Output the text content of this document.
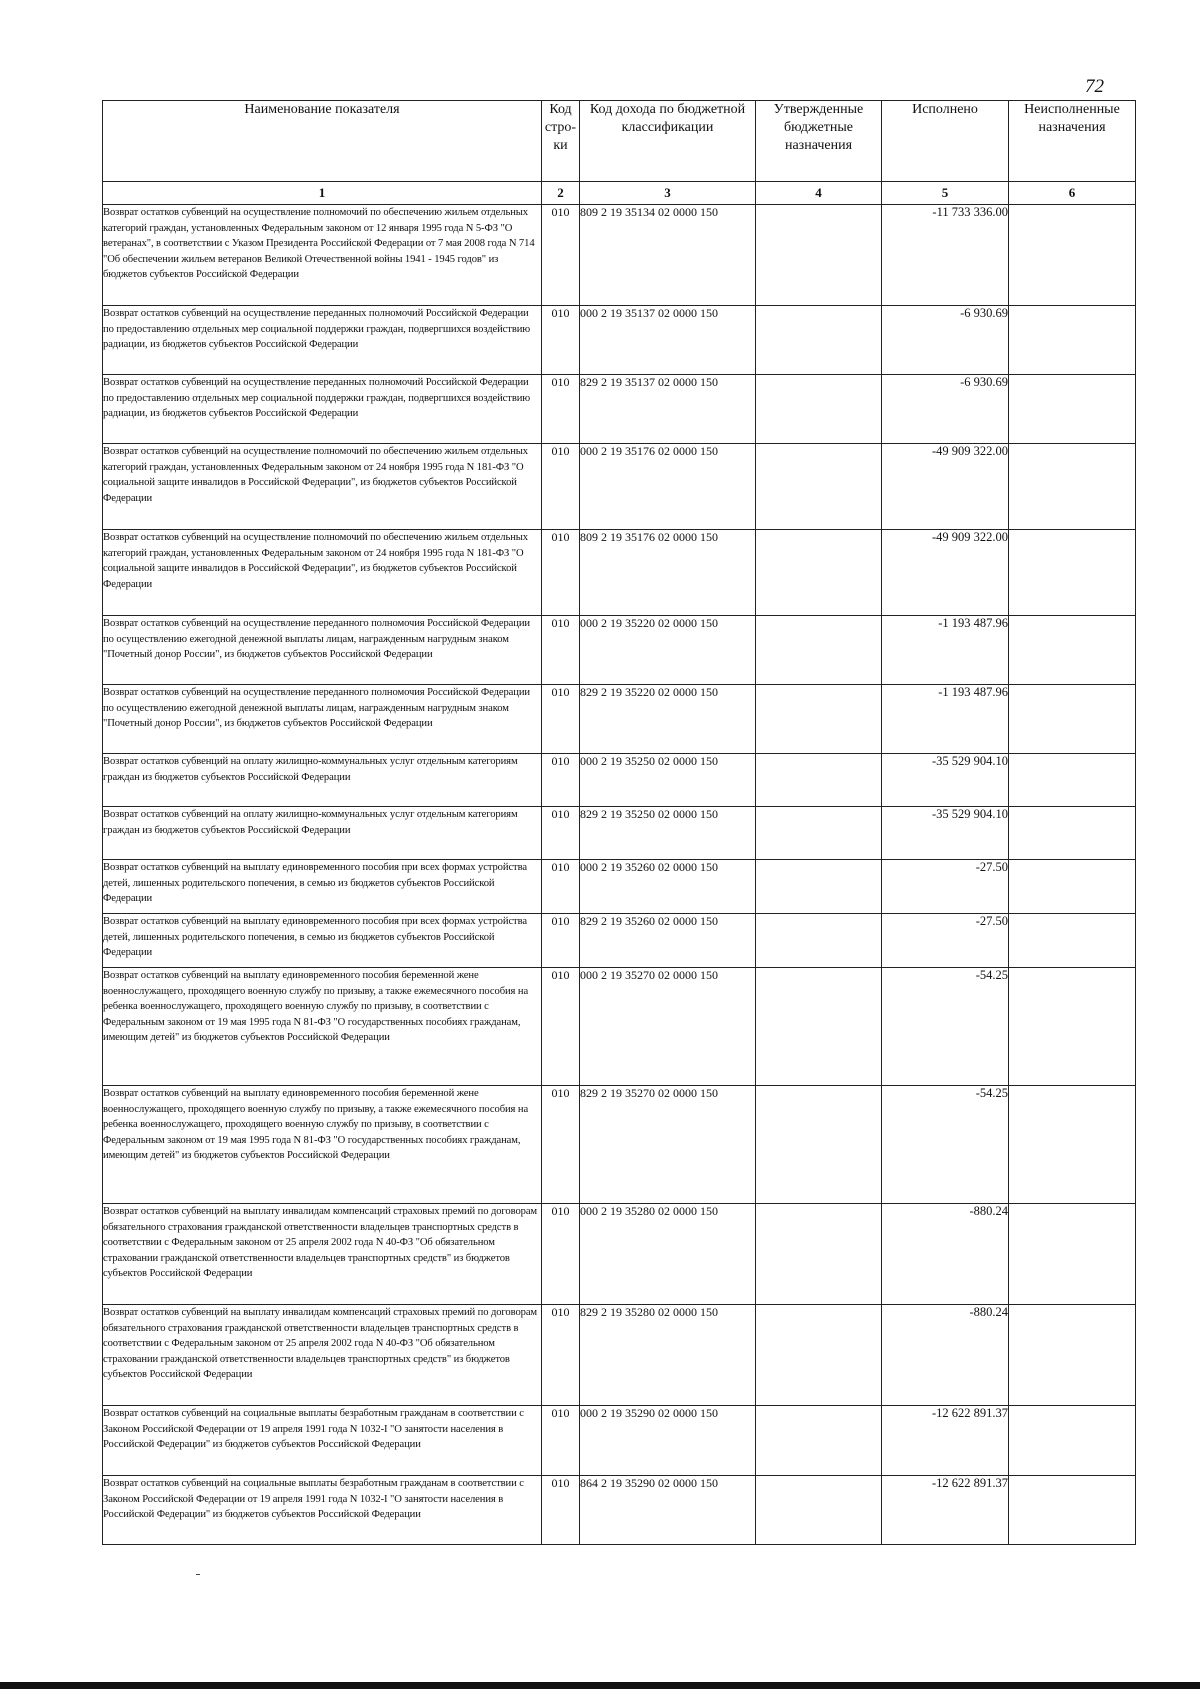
72
Наименование показателя	Код стро-ки	Код дохода по бюджетной классификации	Утвержденные бюджетные назначения	Исполнено	Неисполненные назначения
1	2	3	4	5	6
Возврат остатков субвенций на осуществление полномочий по обеспечению жильем отдельных категорий граждан, установленных Федеральным законом от 12 января 1995 года N 5-ФЗ "О ветеранах", в соответствии с Указом Президента Российской Федерации от 7 мая 2008 года N 714 "Об обеспечении жильем ветеранов Великой Отечественной войны 1941 - 1945 годов" из бюджетов субъектов Российской Федерации	010	809 2 19 35134 02 0000 150		-11 733 336.00	
Возврат остатков субвенций на осуществление переданных полномочий Российской Федерации по предоставлению отдельных мер социальной поддержки граждан, подвергшихся воздействию радиации, из бюджетов субъектов Российской Федерации	010	000 2 19 35137 02 0000 150		-6 930.69	
Возврат остатков субвенций на осуществление переданных полномочий Российской Федерации по предоставлению отдельных мер социальной поддержки граждан, подвергшихся воздействию радиации, из бюджетов субъектов Российской Федерации	010	829 2 19 35137 02 0000 150		-6 930.69	
Возврат остатков субвенций на осуществление полномочий по обеспечению жильем отдельных категорий граждан, установленных Федеральным законом от 24 ноября 1995 года N 181-ФЗ "О социальной защите инвалидов в Российской Федерации", из бюджетов субъектов Российской Федерации	010	000 2 19 35176 02 0000 150		-49 909 322.00	
Возврат остатков субвенций на осуществление полномочий по обеспечению жильем отдельных категорий граждан, установленных Федеральным законом от 24 ноября 1995 года N 181-ФЗ "О социальной защите инвалидов в Российской Федерации", из бюджетов субъектов Российской Федерации	010	809 2 19 35176 02 0000 150		-49 909 322.00	
Возврат остатков субвенций на осуществление переданного полномочия Российской Федерации по осуществлению ежегодной денежной выплаты лицам, награжденным нагрудным знаком "Почетный донор России", из бюджетов субъектов Российской Федерации	010	000 2 19 35220 02 0000 150		-1 193 487.96	
Возврат остатков субвенций на осуществление переданного полномочия Российской Федерации по осуществлению ежегодной денежной выплаты лицам, награжденным нагрудным знаком "Почетный донор России", из бюджетов субъектов Российской Федерации	010	829 2 19 35220 02 0000 150		-1 193 487.96	
Возврат остатков субвенций на оплату жилищно-коммунальных услуг отдельным категориям граждан из бюджетов субъектов Российской Федерации	010	000 2 19 35250 02 0000 150		-35 529 904.10	
Возврат остатков субвенций на оплату жилищно-коммунальных услуг отдельным категориям граждан из бюджетов субъектов Российской Федерации	010	829 2 19 35250 02 0000 150		-35 529 904.10	
Возврат остатков субвенций на выплату единовременного пособия при всех формах устройства детей, лишенных родительского попечения, в семью из бюджетов субъектов Российской Федерации	010	000 2 19 35260 02 0000 150		-27.50	
Возврат остатков субвенций на выплату единовременного пособия при всех формах устройства детей, лишенных родительского попечения, в семью из бюджетов субъектов Российской Федерации	010	829 2 19 35260 02 0000 150		-27.50	
Возврат остатков субвенций на выплату единовременного пособия беременной жене военнослужащего, проходящего военную службу по призыву, а также ежемесячного пособия на ребенка военнослужащего, проходящего военную службу по призыву, в соответствии с Федеральным законом от 19 мая 1995 года N 81-ФЗ "О государственных пособиях гражданам, имеющим детей" из бюджетов субъектов Российской Федерации	010	000 2 19 35270 02 0000 150		-54.25	
Возврат остатков субвенций на выплату единовременного пособия беременной жене военнослужащего, проходящего военную службу по призыву, а также ежемесячного пособия на ребенка военнослужащего, проходящего военную службу по призыву, в соответствии с Федеральным законом от 19 мая 1995 года N 81-ФЗ "О государственных пособиях гражданам, имеющим детей" из бюджетов субъектов Российской Федерации	010	829 2 19 35270 02 0000 150		-54.25	
Возврат остатков субвенций на выплату инвалидам компенсаций страховых премий по договорам обязательного страхования гражданской ответственности владельцев транспортных средств в соответствии с Федеральным законом от 25 апреля 2002 года N 40-ФЗ "Об обязательном страховании гражданской ответственности владельцев транспортных средств" из бюджетов субъектов Российской Федерации	010	000 2 19 35280 02 0000 150		-880.24	
Возврат остатков субвенций на выплату инвалидам компенсаций страховых премий по договорам обязательного страхования гражданской ответственности владельцев транспортных средств в соответствии с Федеральным законом от 25 апреля 2002 года N 40-ФЗ "Об обязательном страховании гражданской ответственности владельцев транспортных средств" из бюджетов субъектов Российской Федерации	010	829 2 19 35280 02 0000 150		-880.24	
Возврат остатков субвенций на социальные выплаты безработным гражданам в соответствии с Законом Российской Федерации от 19 апреля 1991 года N 1032-I "О занятости населения в Российской Федерации" из бюджетов субъектов Российской Федерации	010	000 2 19 35290 02 0000 150		-12 622 891.37	
Возврат остатков субвенций на социальные выплаты безработным гражданам в соответствии с Законом Российской Федерации от 19 апреля 1991 года N 1032-I "О занятости населения в Российской Федерации" из бюджетов субъектов Российской Федерации	010	864 2 19 35290 02 0000 150		-12 622 891.37	
